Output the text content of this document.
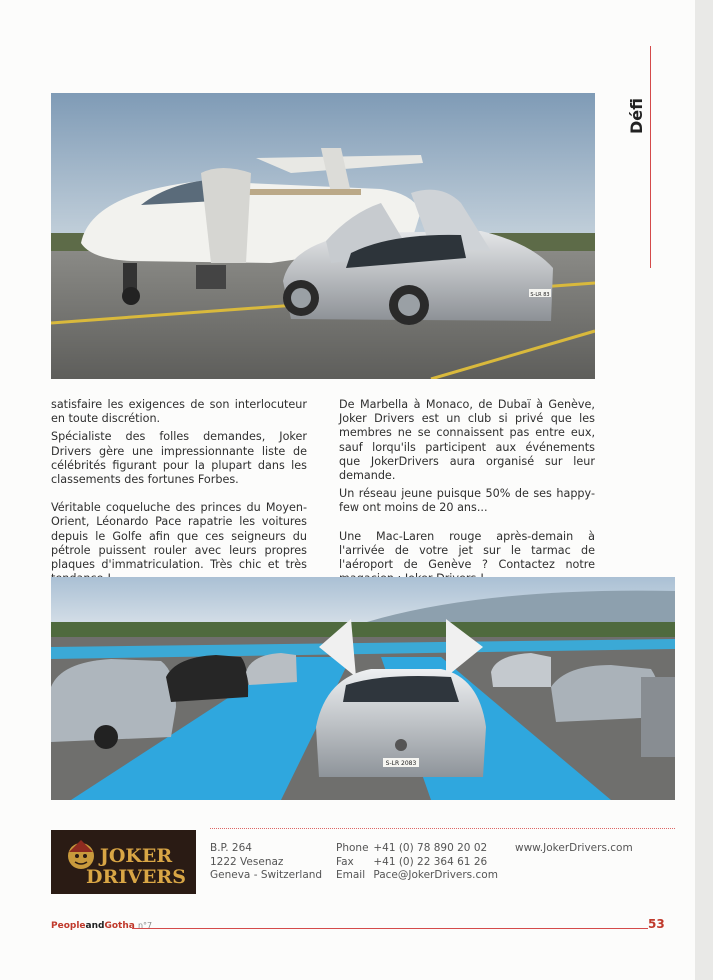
Défi
S-LR 83

satisfaire les exigences de son interlocuteur en toute discrétion.

Spécialiste des folles demandes, Joker Drivers gère une impressionnante liste de célébrités figurant pour la plupart dans les classements des fortunes Forbes.

Véritable coqueluche des princes du Moyen-Orient, Léonardo Pace rapatrie les voitures depuis le Golfe afin que ces seigneurs du pétrole puissent rouler avec leurs propres plaques d'immatriculation. Très chic et très

De Marbella à Monaco, de Dubaï à Genève, Joker Drivers est un club si privé que les membres ne se connaissent pas entre eux, sauf lorqu'ils participent aux événements que JokerDrivers aura organisé sur leur demande.

Un réseau jeune puisque 50% de ses happy-few ont moins de 20 ans...

Une Mac-Laren rouge après-demain à l'arrivée de votre jet sur le tarmac de l'aéroport de Genève ? Contactez notre

S-LR 2083
JOKER
DRIVERS
B.P. 264
1222 Vesenaz
Geneva - Switzerland
Phone +41 (0) 78 890 20 02
Fax +41 (0) 22 364 61 26
Email Pace@JokerDrivers.com
www.JokerDrivers.com
PeopleandGotha n°7	53
